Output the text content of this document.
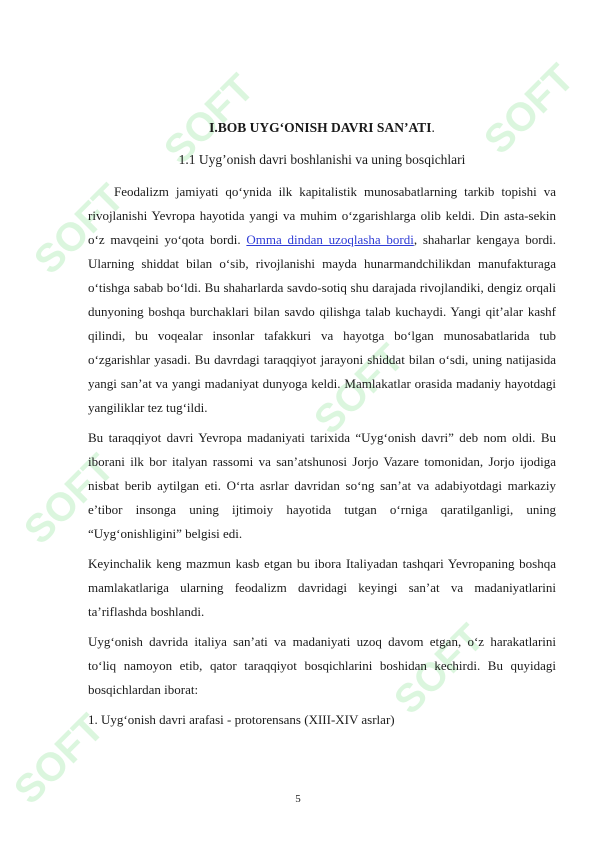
SOFT	SOFT
SOFT
SOFT
SOFT
SOFT
SOFT
I.BOB UYG‘ONISH DAVRI SAN’ATI.
1.1 Uyg’onish davri boshlanishi va uning bosqichlari

Feodalizm jamiyati qo‘ynida ilk kapitalistik munosabatlarning tarkib topishi va rivojlanishi Yevropa hayotida yangi va muhim o‘zgarishlarga olib keldi. Din asta-sekin o‘z mavqeini yo‘qota bordi. Omma dindan uzoqlasha bordi, shaharlar kengaya bordi. Ularning shiddat bilan o‘sib, rivojlanishi mayda hunarmandchilikdan manufakturaga o‘tishga sabab bo‘ldi. Bu shaharlarda savdo-sotiq shu darajada rivojlandiki, dengiz orqali dunyoning boshqa burchaklari bilan savdo qilishga talab kuchaydi. Yangi qit’alar kashf qilindi, bu voqealar insonlar tafakkuri va hayotga bo‘lgan munosabatlarida tub o‘zgarishlar yasadi. Bu davrdagi taraqqiyot jarayoni shiddat bilan o‘sdi, uning natijasida yangi san’at va yangi madaniyat dunyoga keldi. Mamlakatlar orasida madaniy hayotdagi yangiliklar tez tug‘ildi.

Bu taraqqiyot davri Yevropa madaniyati tarixida “Uyg‘onish davri” deb nom oldi. Bu iborani ilk bor italyan rassomi va san’atshunosi Jorjo Vazare tomonidan, Jorjo ijodiga nisbat berib aytilgan eti. O‘rta asrlar davridan so‘ng san’at va adabiyotdagi markaziy e’tibor insonga uning ijtimoiy hayotida tutgan o‘rniga qaratilganligi, uning “Uyg‘onishligini” belgisi edi.

Keyinchalik keng mazmun kasb etgan bu ibora Italiyadan tashqari Yevropaning boshqa mamlakatlariga ularning feodalizm davridagi keyingi san’at va madaniyatlarini ta’riflashda boshlandi.

Uyg‘onish davrida italiya san’ati va madaniyati uzoq davom etgan, o‘z harakatlarini to‘liq namoyon etib, qator taraqqiyot bosqichlarini boshidan kechirdi. Bu quyidagi bosqichlardan iborat:

1. Uyg‘onish davri arafasi - protorensans (XIII-XIV asrlar)

5
